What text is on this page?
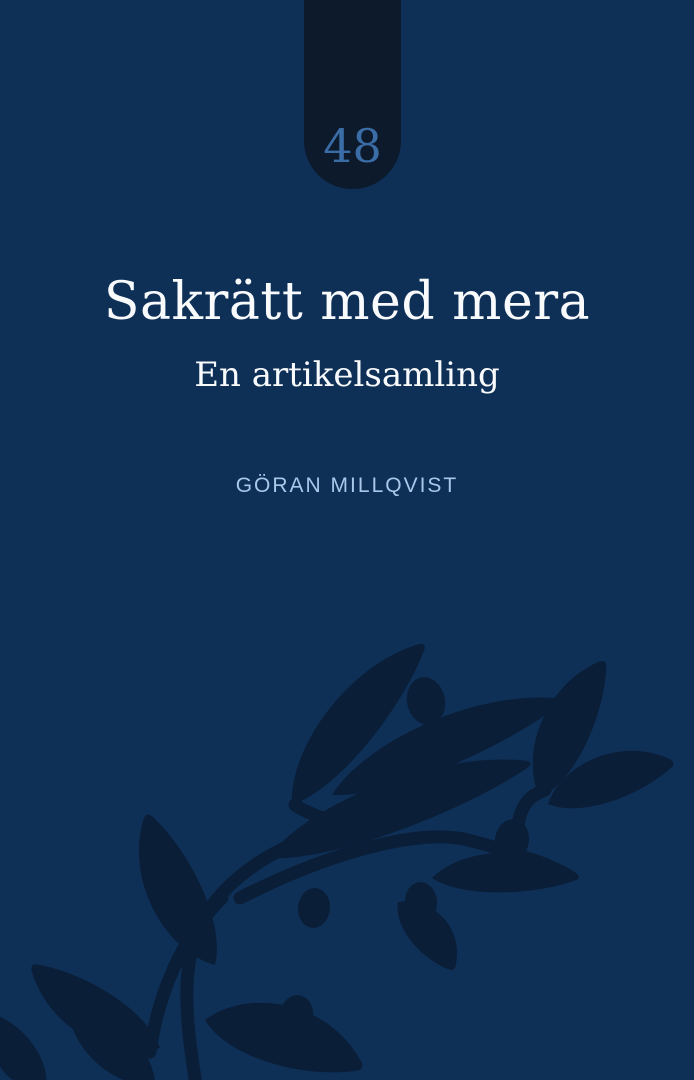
48
Sakrätt med mera
En artikelsamling
GÖRAN MILLQVIST
